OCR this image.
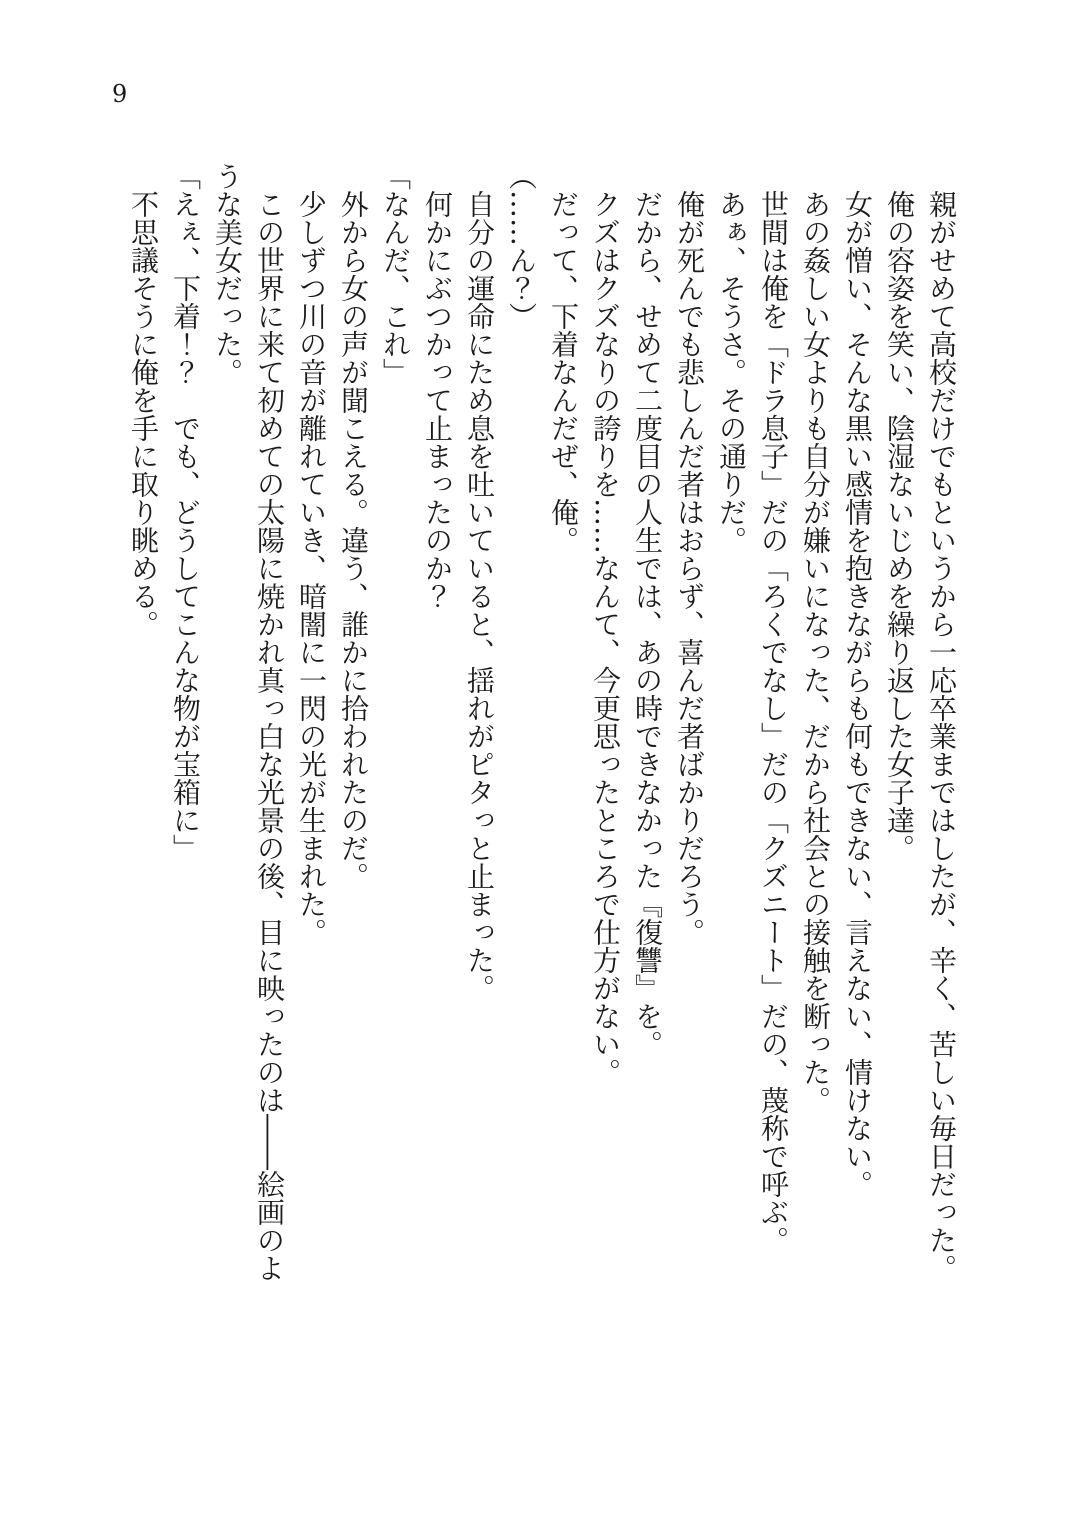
9
親がせめて高校だけでもというから一応卒業まではしたが、辛く、苦しい毎日だった。
俺の容姿を笑い、陰湿ないじめを繰り返した女子達。
女が憎い、そんな黒い感情を抱きながらも何もできない、言えない、情けない。
あの姦しい女よりも自分が嫌いになった、だから社会との接触を断った。
世間は俺を「ドラ息子」だの「ろくでなし」だの「クズニート」だの、蔑称で呼ぶ。
あぁ、そうさ。その通りだ。
俺が死んでも悲しんだ者はおらず、喜んだ者ばかりだろう。
だから、せめて二度目の人生では、あの時できなかった『復讐』を。
クズはクズなりの誇りを……なんて、今更思ったところで仕方がない。
だって、下着なんだぜ、俺。
（……ん？）
自分の運命にため息を吐いていると、揺れがピタっと止まった。
何かにぶつかって止まったのか？
「なんだ、これ」
外から女の声が聞こえる。違う、誰かに拾われたのだ。
少しずつ川の音が離れていき、暗闇に一閃の光が生まれた。
この世界に来て初めての太陽に焼かれ真っ白な光景の後、目に映ったのは――絵画のよ
うな美女だった。
「えぇ、下着！？　でも、どうしてこんな物が宝箱に」
不思議そうに俺を手に取り眺める。
